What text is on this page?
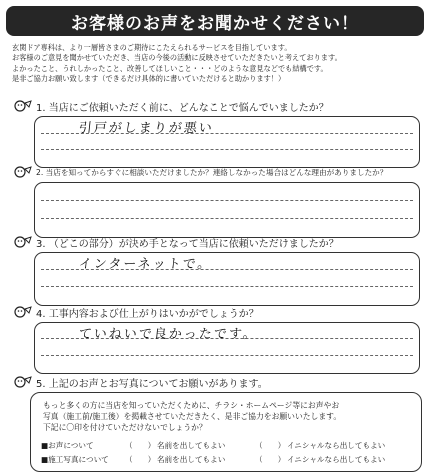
お客様のお声をお聞かせください！
玄関ドア専科は、より一層皆さまのご期待にこたえられるサービスを目指しています。
お客様のご意見を聞かせていただき、当店の今後の活動に反映させていただきたいと考えております。
よかったこと、うれしかったこと、改善してほしいこと・・・どのような意見などでも結構です。
是非ご協力お願い致します（できるだけ具体的に書いていただけると助かります！）
1. 当店にご依頼いただく前に、どんなことで悩んでいましたか？
引戸がしまりが悪い
2. 当店を知ってからすぐに相談いただけましたか？連絡しなかった場合はどんな理由がありましたか？
3. （どこの部分）が決め手となって当店に依頼いただけましたか？
インターネットで。
4. 工事内容および仕上がりはいかがでしょうか？
ていねいで良かったです。
5. 上記のお声とお写真についてお願いがあります。
もっと多くの方に当店を知っていただくために、チラシ・ホームページ等にお声やお
写真（施工前/施工後）を掲載させていただきたく、是非ご協力をお願いいたします。
下記に〇印を付けていただけないでしょうか？
■お声について	（　　） 名前を出してもよい	（　　） イニシャルなら出してもよい
■施工写真について	（　　） 名前を出してもよい	（　　） イニシャルなら出してもよい
